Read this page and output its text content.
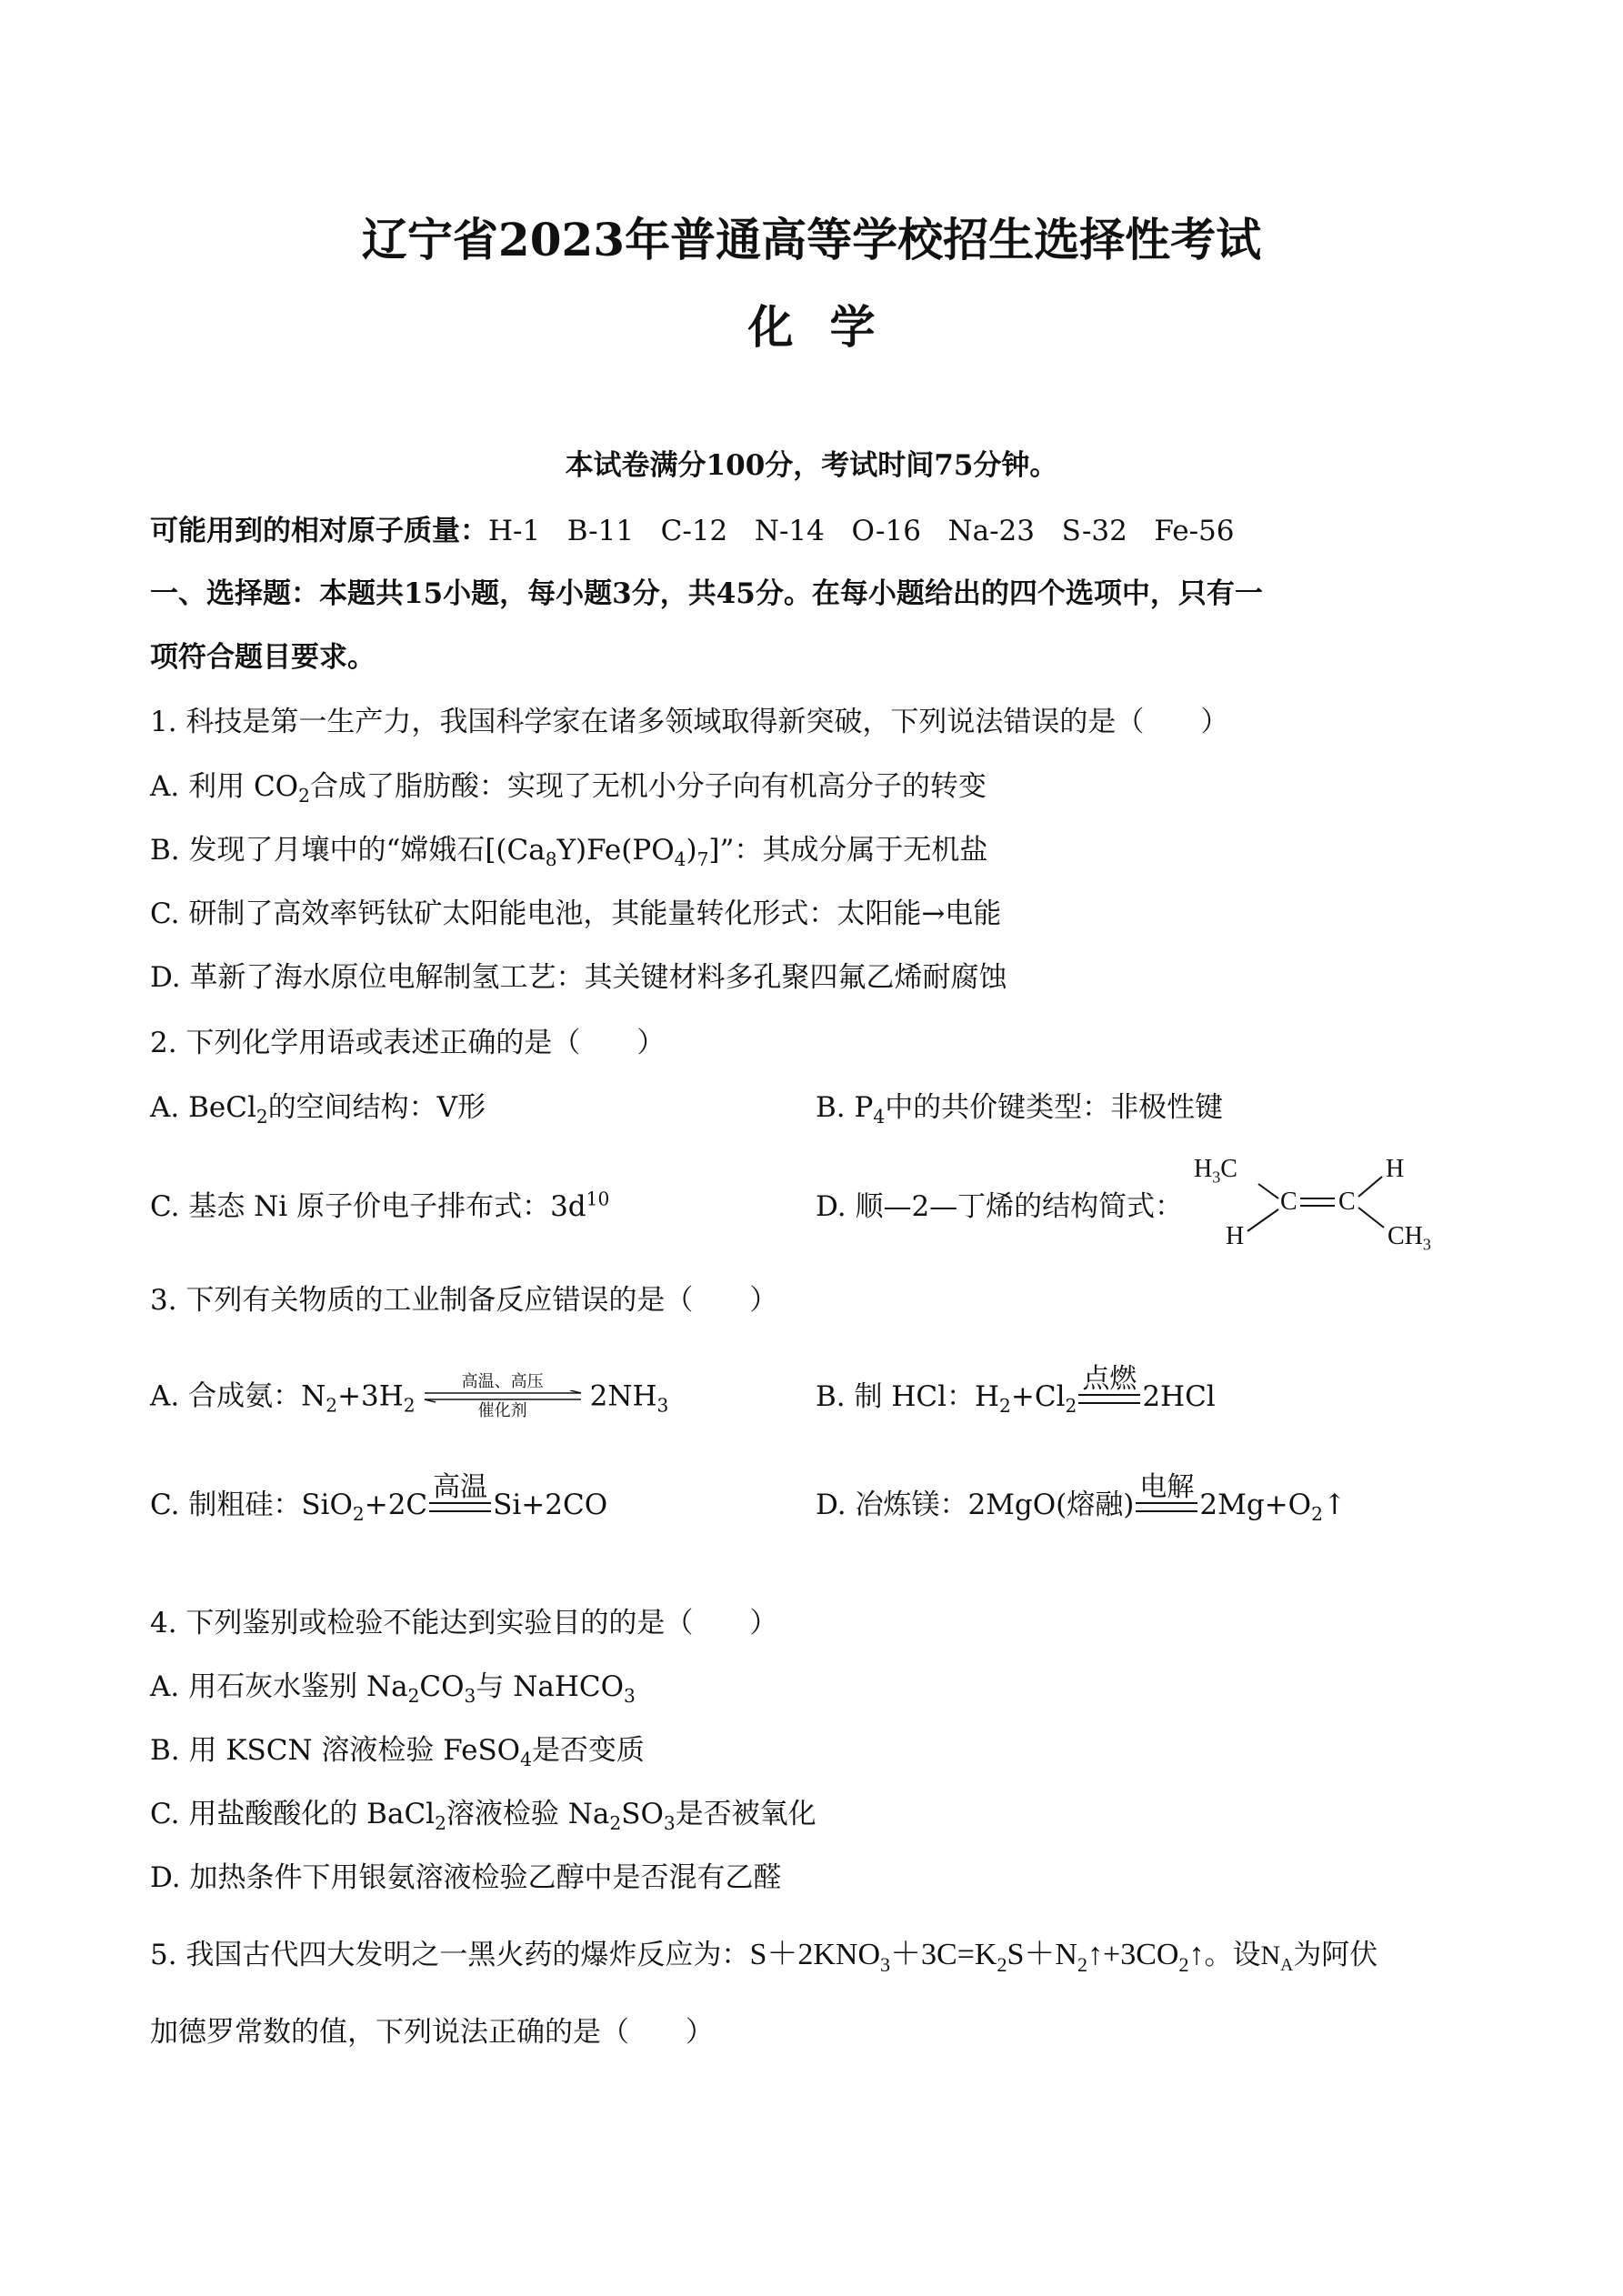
辽宁省2023年普通高等学校招生选择性考试
化学
本试卷满分100分，考试时间75分钟。
可能用到的相对原子质量：H-1   B-11   C-12   N-14   O-16   Na-23   S-32   Fe-56
一、选择题：本题共15小题，每小题3分，共45分。在每小题给出的四个选项中，只有一
项符合题目要求。
1. 科技是第一生产力，我国科学家在诸多领域取得新突破，下列说法错误的是（　　）
A. 利用 $CO_2$合成了脂肪酸：实现了无机小分子向有机高分子的转变
B. 发现了月壤中的“嫦娥石$[(Ca_8Y)Fe(PO_4)_7]$”：其成分属于无机盐
C. 研制了高效率钙钛矿太阳能电池，其能量转化形式：太阳能→电能
D. 革新了海水原位电解制氢工艺：其关键材料多孔聚四氟乙烯耐腐蚀
2. 下列化学用语或表述正确的是（　　）
A. BeCl$_2$的空间结构：V形	B. $P_4$中的共价键类型：非极性键
C. 基态 Ni 原子价电子排布式：$3d^{10}$	D. 顺—2—丁烯的结构简式：
$H_3C$
H
C C
H
$CH_3$
3. 下列有关物质的工业制备反应错误的是（　　）
A. 合成氨：$N_2+3H_2$
高温、高压
催化剂	$2NH_3$	B. 制 HCl：$H_2+Cl_2$
点燃
2HCl
C. 制粗硅：SiO$_2$+2C
高温
Si+2CO	D. 冶炼镁：2MgO(熔融)
电解
$2Mg+O_2↑$
4. 下列鉴别或检验不能达到实验目的的是（　　）
A. 用石灰水鉴别 $Na_2CO_3$与 NaHCO$_3$
B. 用 KSCN 溶液检验 FeSO$_4$是否变质
C. 用盐酸酸化的 BaCl$_2$溶液检验 $Na_2SO_3$是否被氧化
D. 加热条件下用银氨溶液检验乙醇中是否混有乙醛
5. 我国古代四大发明之一黑火药的爆炸反应为：$S+2KNO_3+3C=K_2S+N_2↑+3CO_2↑$。设$N_A$为阿伏
加德罗常数的值，下列说法正确的是（　　）
